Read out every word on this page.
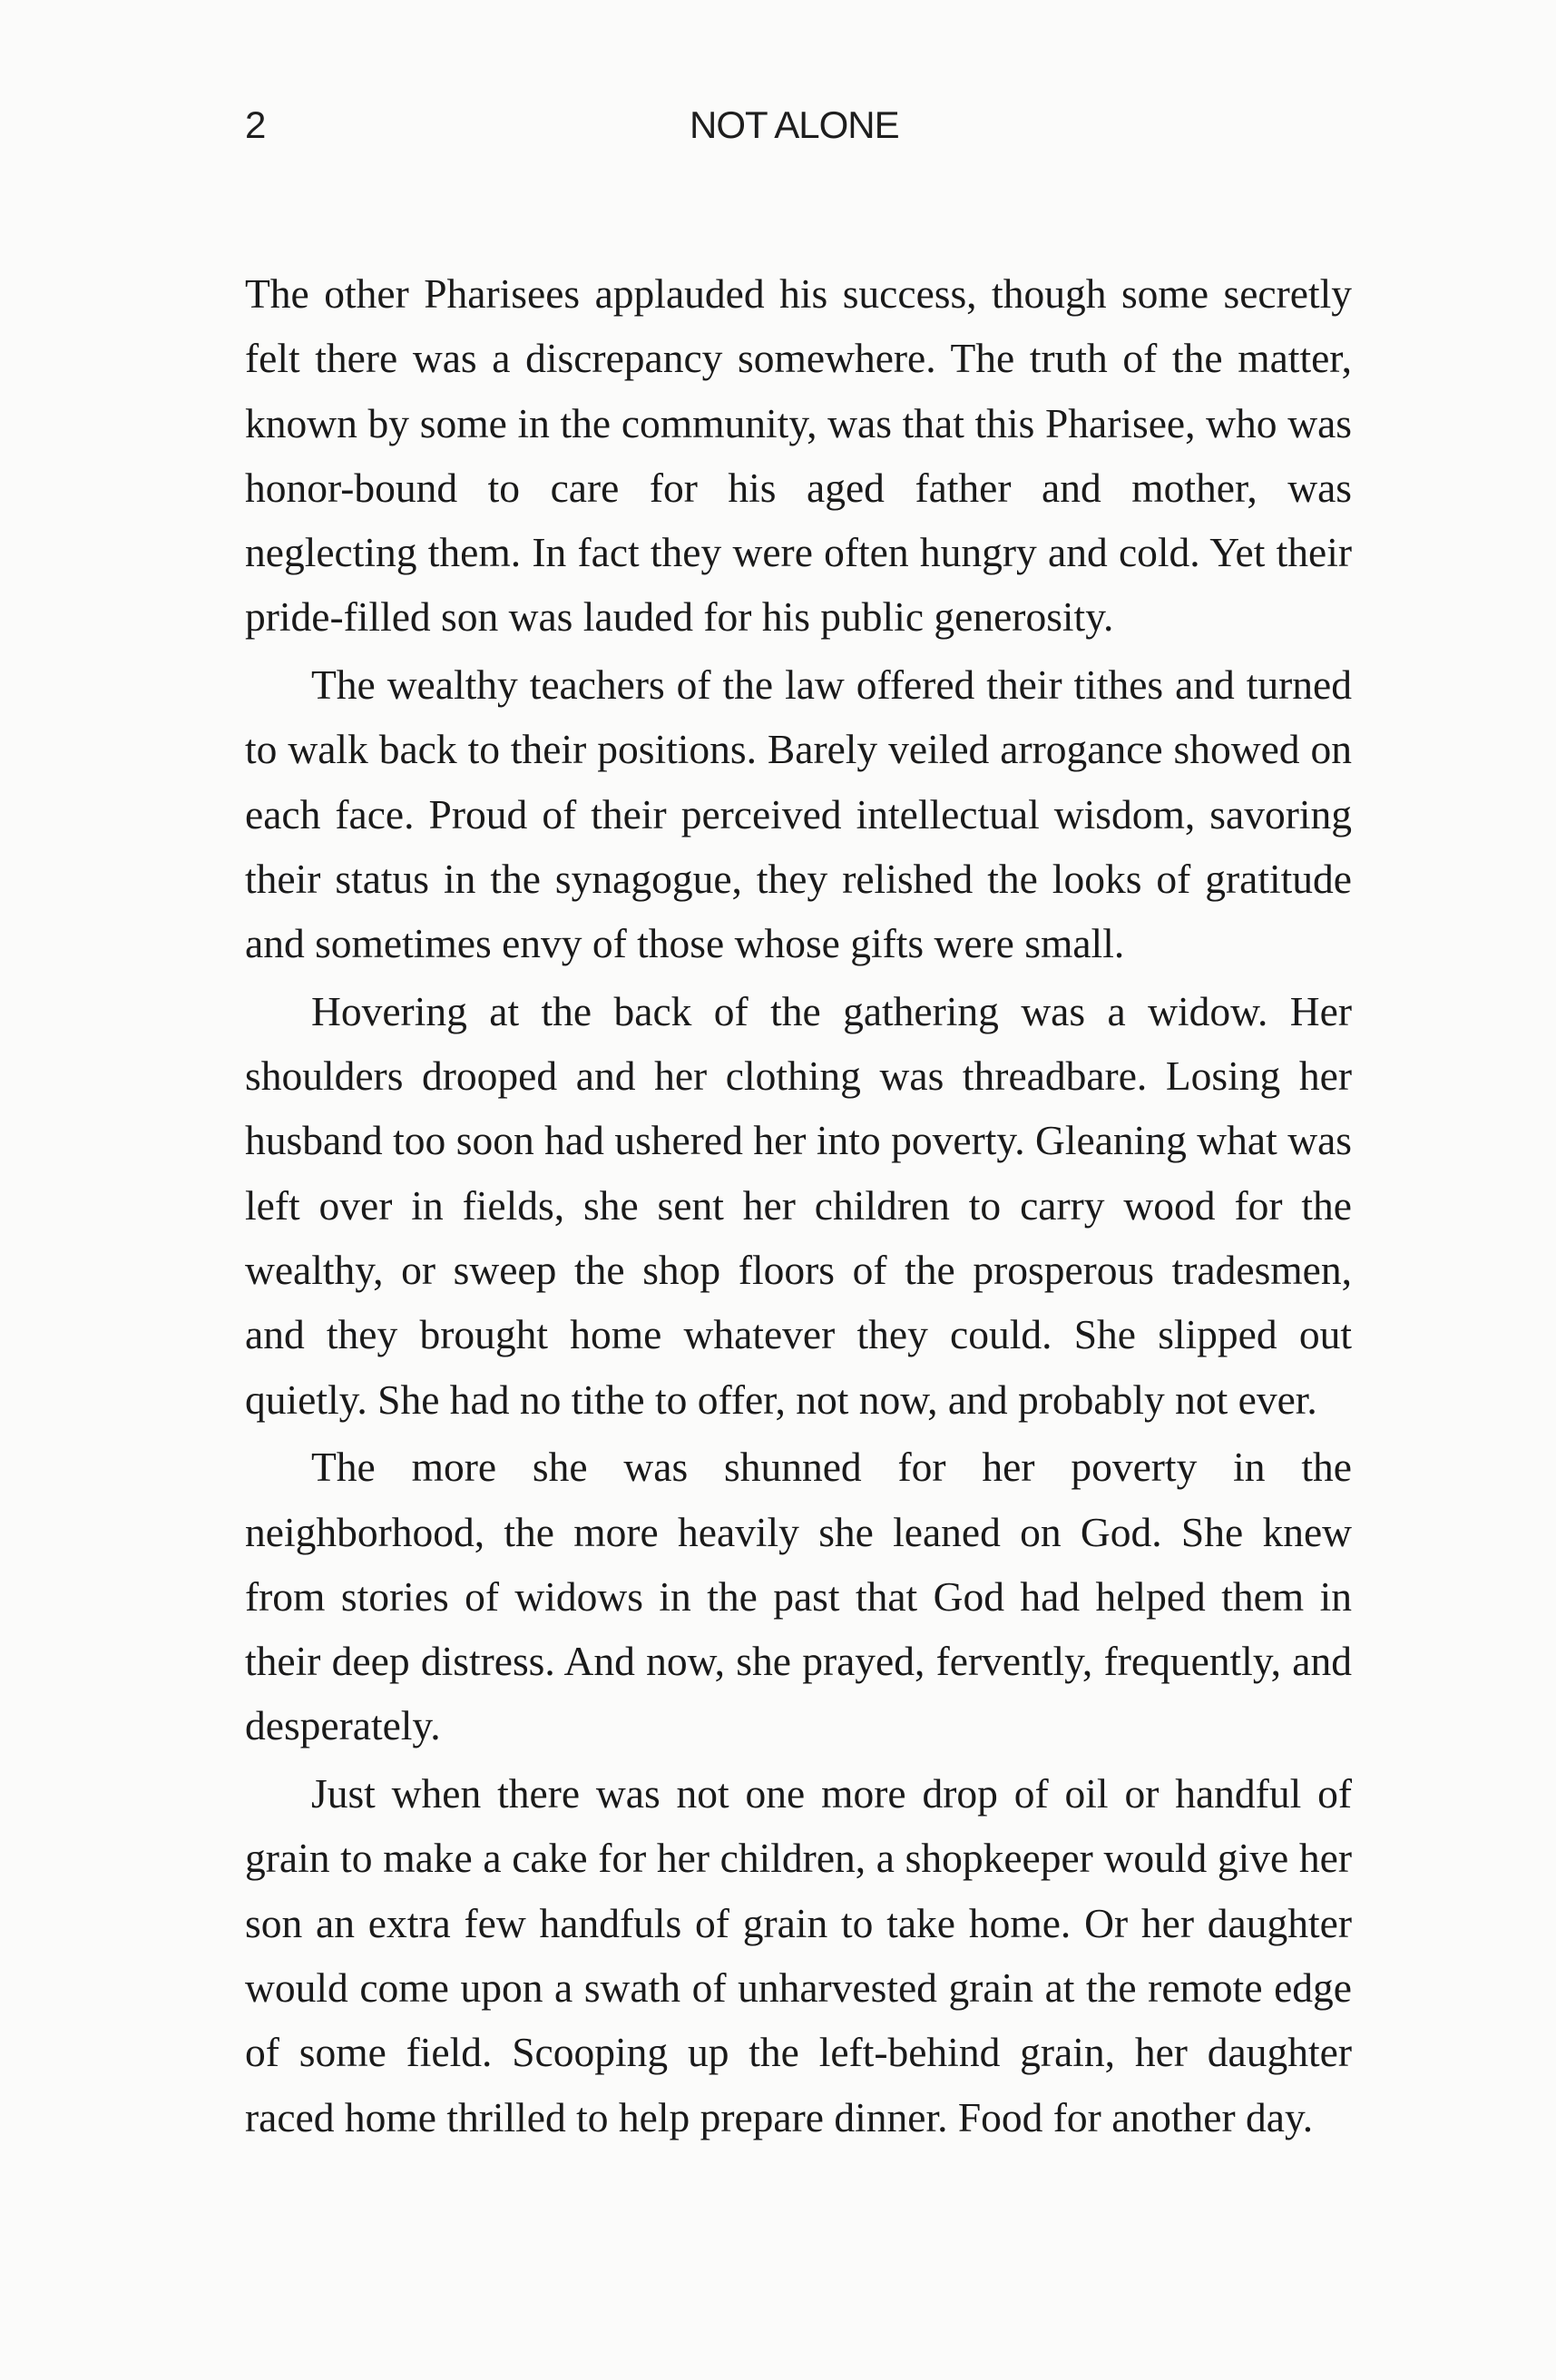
2	NOT ALONE

The other Pharisees applauded his success, though some secretly felt there was a discrepancy somewhere. The truth of the matter, known by some in the community, was that this Pharisee, who was honor-bound to care for his aged father and mother, was neglecting them. In fact they were often hungry and cold. Yet their pride-filled son was lauded for his public generosity.

The wealthy teachers of the law offered their tithes and turned to walk back to their positions. Barely veiled arrogance showed on each face. Proud of their perceived intellectual wisdom, savoring their status in the synagogue, they relished the looks of gratitude and sometimes envy of those whose gifts were small.

Hovering at the back of the gathering was a widow. Her shoulders drooped and her clothing was threadbare. Losing her husband too soon had ushered her into poverty. Gleaning what was left over in fields, she sent her children to carry wood for the wealthy, or sweep the shop floors of the prosperous tradesmen, and they brought home whatever they could. She slipped out quietly. She had no tithe to offer, not now, and probably not ever.

The more she was shunned for her poverty in the neighborhood, the more heavily she leaned on God. She knew from stories of widows in the past that God had helped them in their deep distress. And now, she prayed, fervently, frequently, and desperately.

Just when there was not one more drop of oil or handful of grain to make a cake for her children, a shopkeeper would give her son an extra few handfuls of grain to take home. Or her daughter would come upon a swath of unharvested grain at the remote edge of some field. Scooping up the left-behind grain, her daughter raced home thrilled to help prepare dinner. Food for another day.
